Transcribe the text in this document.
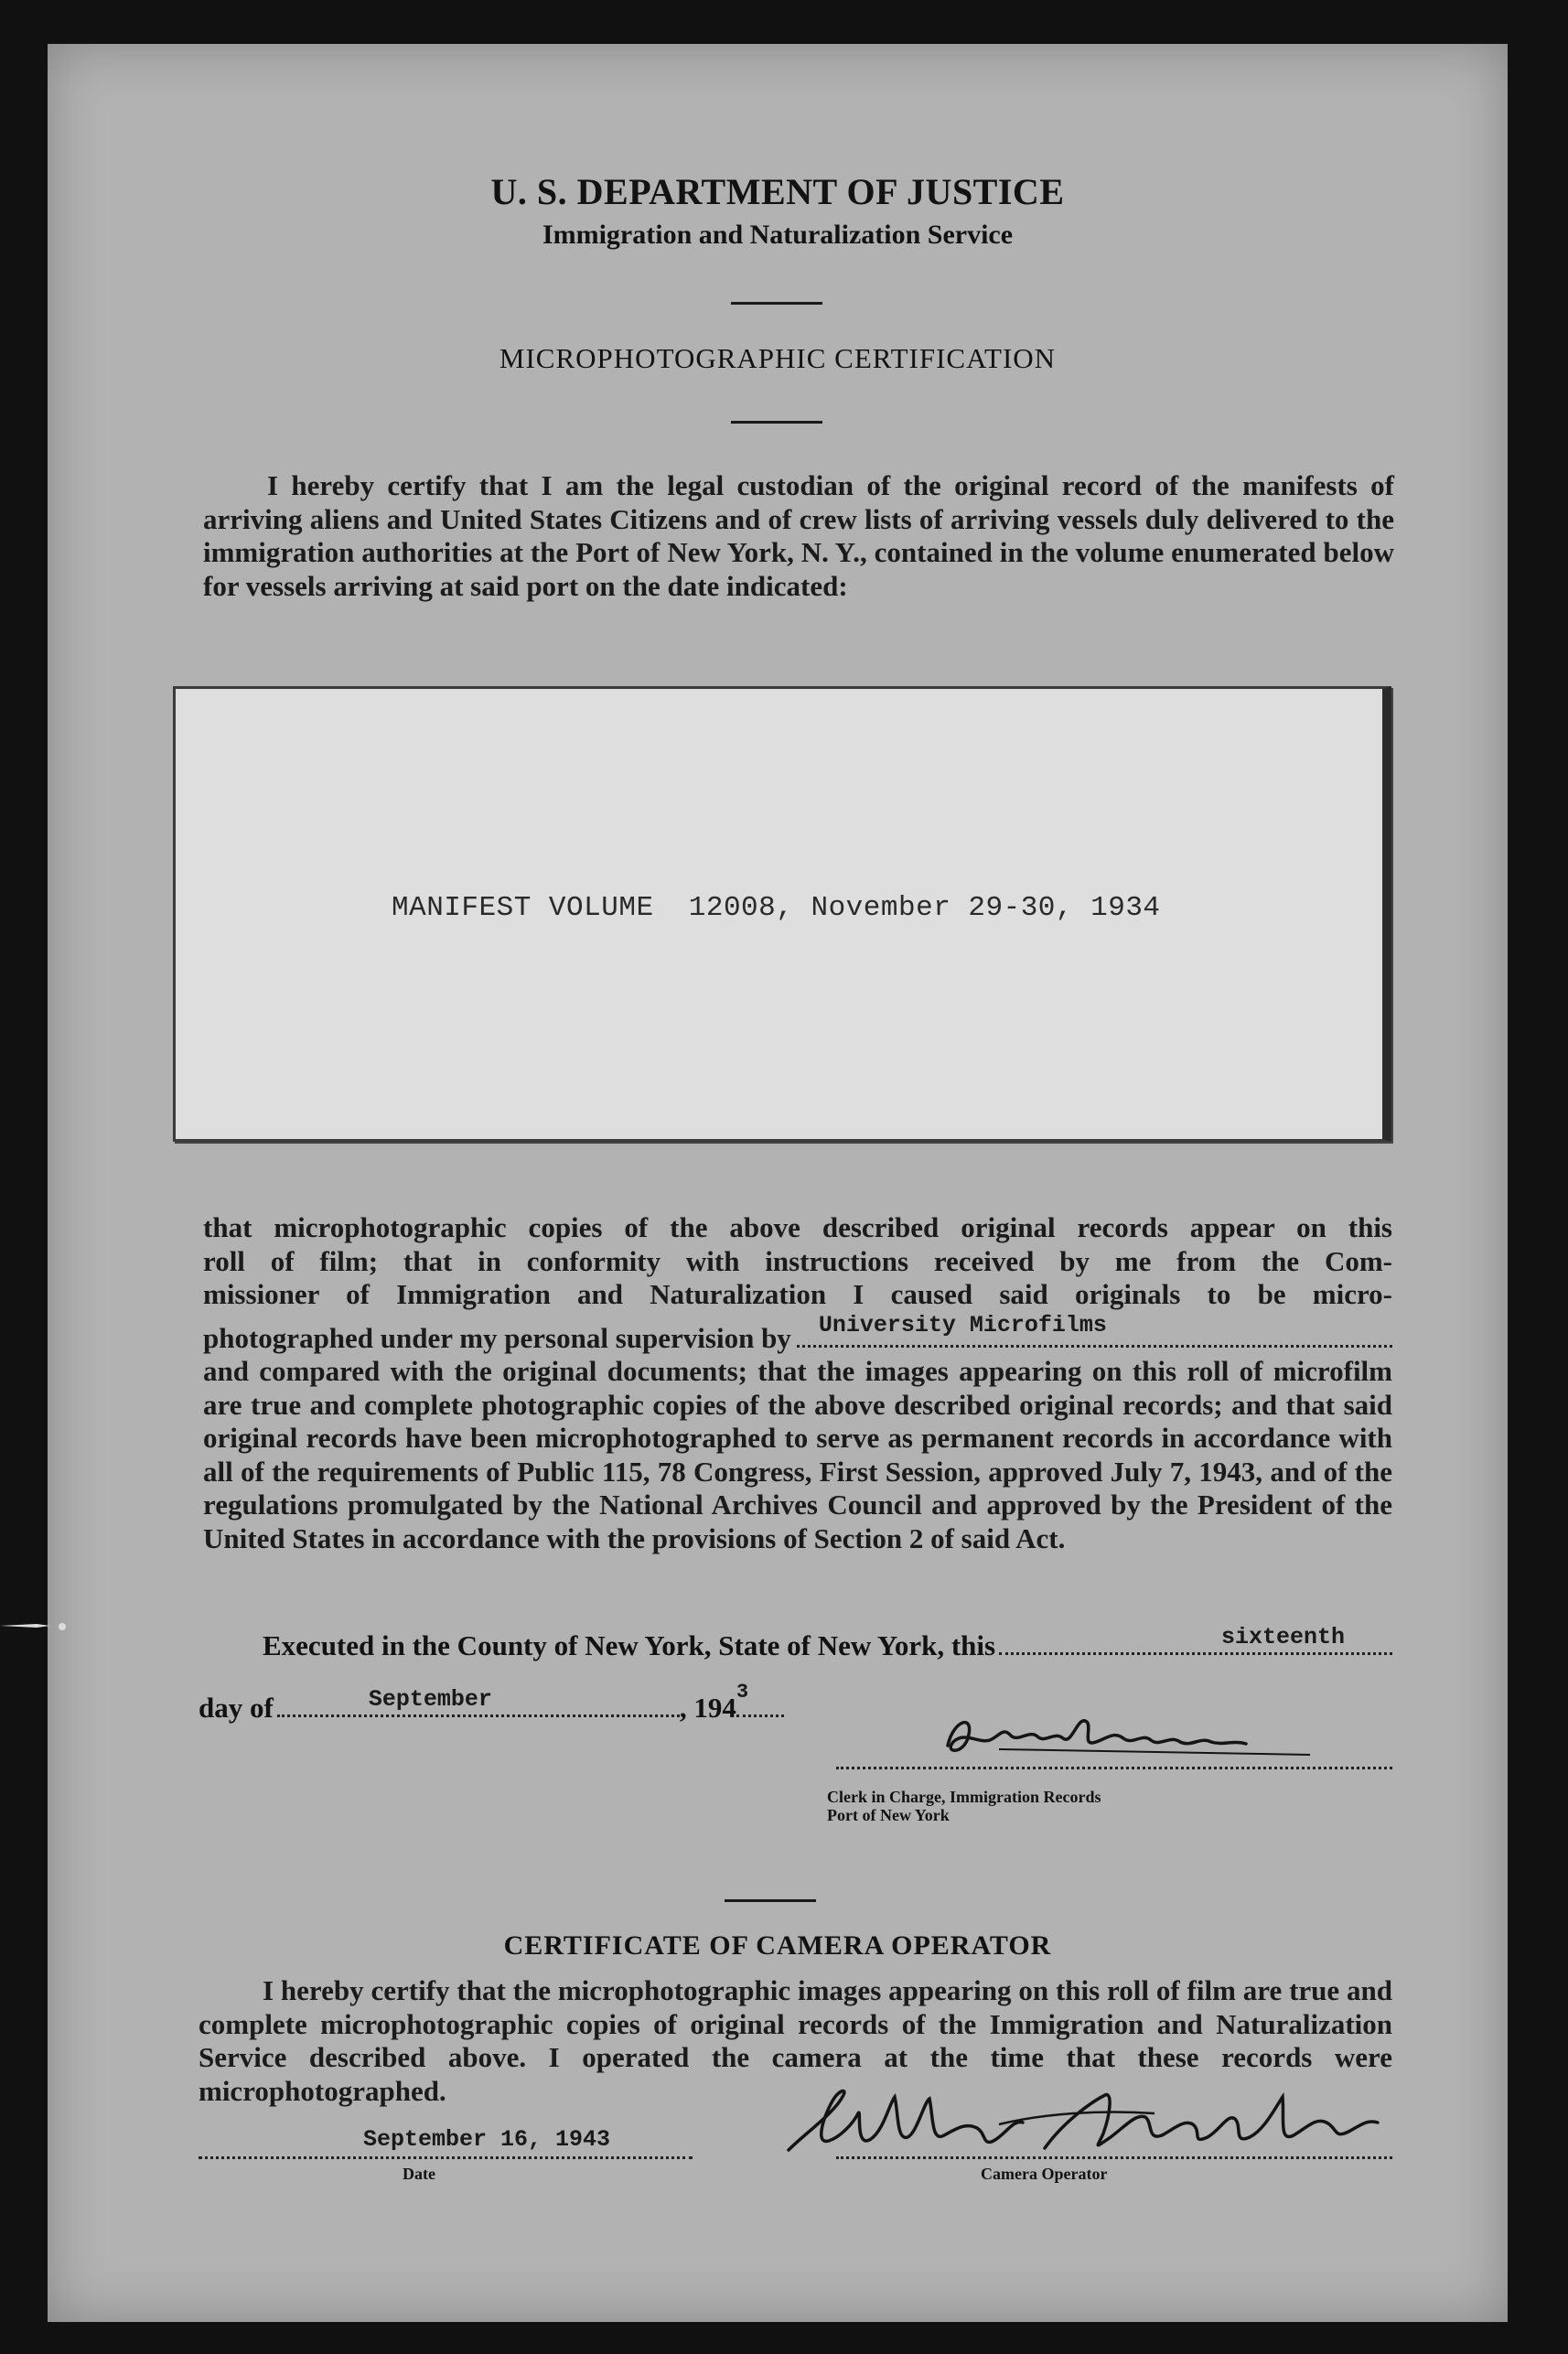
U. S. DEPARTMENT OF JUSTICE
Immigration and Naturalization Service
MICROPHOTOGRAPHIC CERTIFICATION
I hereby certify that I am the legal custodian of the original record of the manifests of arriving aliens and United States Citizens and of crew lists of arriving vessels duly delivered to the immigration authorities at the Port of New York, N. Y., contained in the volume enumerated below for vessels arriving at said port on the date indicated:
MANIFEST VOLUME  12008, November 29-30, 1934
that microphotographic copies of the above described original records appear on this
roll of film; that in conformity with instructions received by me from the Com-
missioner of Immigration and Naturalization I caused said originals to be micro-
photographed under my personal supervision by University Microfilms
and compared with the original documents; that the images appearing on this roll of microfilm are true and complete photographic copies of the above described original records; and that said original records have been microphotographed to serve as permanent records in accordance with all of the requirements of Public 115, 78 Congress, First Session, approved July 7, 1943, and of the regulations promulgated by the National Archives Council and approved by the President of the United States in accordance with the provisions of Section 2 of said Act.
Executed in the County of New York, State of New York, this	sixteenth
day of	September	, 194 3
Clerk in Charge, Immigration Records
Port of New York
CERTIFICATE OF CAMERA OPERATOR
I hereby certify that the microphotographic images appearing on this roll of film are true and complete microphotographic copies of original records of the Immigration and Naturalization Service described above. I operated the camera at the time that these records were microphotographed.
September 16, 1943
Date	Camera Operator
